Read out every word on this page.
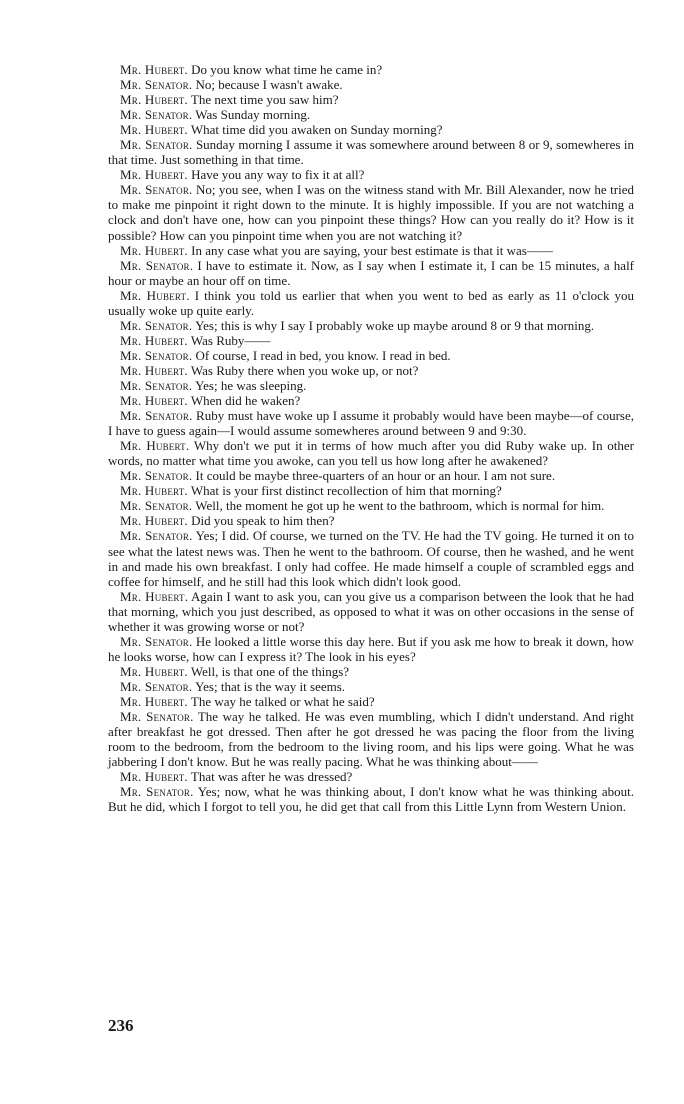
Mr. Hubert. Do you know what time he came in?

Mr. Senator. No; because I wasn't awake.

Mr. Hubert. The next time you saw him?

Mr. Senator. Was Sunday morning.

Mr. Hubert. What time did you awaken on Sunday morning?

Mr. Senator. Sunday morning I assume it was somewhere around between 8 or 9, somewheres in that time. Just something in that time.

Mr. Hubert. Have you any way to fix it at all?

Mr. Senator. No; you see, when I was on the witness stand with Mr. Bill Alexander, now he tried to make me pinpoint it right down to the minute. It is highly impossible. If you are not watching a clock and don't have one, how can you pinpoint these things? How can you really do it? How is it possible? How can you pinpoint time when you are not watching it?

Mr. Hubert. In any case what you are saying, your best estimate is that it was——

Mr. Senator. I have to estimate it. Now, as I say when I estimate it, I can be 15 minutes, a half hour or maybe an hour off on time.

Mr. Hubert. I think you told us earlier that when you went to bed as early as 11 o'clock you usually woke up quite early.

Mr. Senator. Yes; this is why I say I probably woke up maybe around 8 or 9 that morning.

Mr. Hubert. Was Ruby——

Mr. Senator. Of course, I read in bed, you know. I read in bed.

Mr. Hubert. Was Ruby there when you woke up, or not?

Mr. Senator. Yes; he was sleeping.

Mr. Hubert. When did he waken?

Mr. Senator. Ruby must have woke up I assume it probably would have been maybe—of course, I have to guess again—I would assume somewheres around between 9 and 9:30.

Mr. Hubert. Why don't we put it in terms of how much after you did Ruby wake up. In other words, no matter what time you awoke, can you tell us how long after he awakened?

Mr. Senator. It could be maybe three-quarters of an hour or an hour. I am not sure.

Mr. Hubert. What is your first distinct recollection of him that morning?

Mr. Senator. Well, the moment he got up he went to the bathroom, which is normal for him.

Mr. Hubert. Did you speak to him then?

Mr. Senator. Yes; I did. Of course, we turned on the TV. He had the TV going. He turned it on to see what the latest news was. Then he went to the bathroom. Of course, then he washed, and he went in and made his own breakfast. I only had coffee. He made himself a couple of scrambled eggs and coffee for himself, and he still had this look which didn't look good.

Mr. Hubert. Again I want to ask you, can you give us a comparison between the look that he had that morning, which you just described, as opposed to what it was on other occasions in the sense of whether it was growing worse or not?

Mr. Senator. He looked a little worse this day here. But if you ask me how to break it down, how he looks worse, how can I express it? The look in his eyes?

Mr. Hubert. Well, is that one of the things?

Mr. Senator. Yes; that is the way it seems.

Mr. Hubert. The way he talked or what he said?

Mr. Senator. The way he talked. He was even mumbling, which I didn't understand. And right after breakfast he got dressed. Then after he got dressed he was pacing the floor from the living room to the bedroom, from the bedroom to the living room, and his lips were going. What he was jabbering I don't know. But he was really pacing. What he was thinking about——

Mr. Hubert. That was after he was dressed?

Mr. Senator. Yes; now, what he was thinking about, I don't know what he was thinking about. But he did, which I forgot to tell you, he did get that call from this Little Lynn from Western Union.

236
